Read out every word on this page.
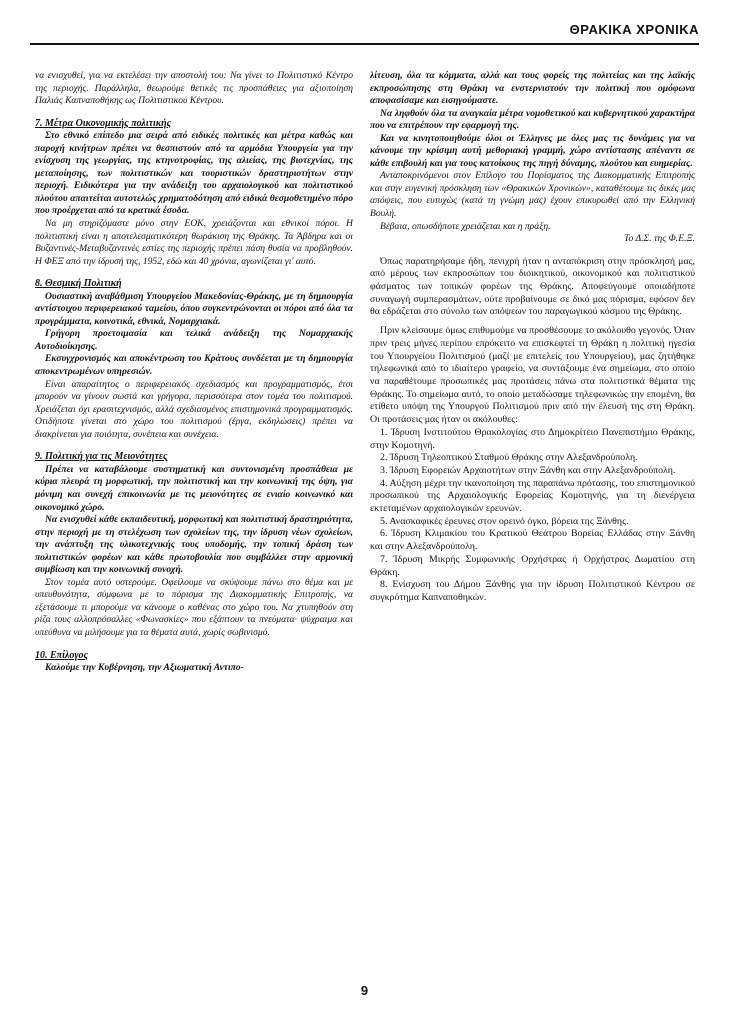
ΘΡΑΚΙΚΑ ΧΡΟΝΙΚΑ

να ενισχυθεί, για να εκτελέσει την αποστολή του: Να γίνει το Πολιτιστικό Κέντρο της περιοχής. Παράλληλα, θεωρούμε θετικές τις προσπάθειες για αξιοποίηση Παλιάς Καπναποθήκης ως Πολιτιστικού Κέντρου.

7. Μέτρα Οικονομικής πολιτικής

Στο εθνικό επίπεδο μια σειρά από ειδικές πολιτικές και μέτρα καθώς και παροχή κινήτρων πρέπει να θεσπιστούν από τα αρμόδια Υπουργεία για την ενίσχυση της γεωργίας, της κτηνοτροφίας, της αλιείας, της βιοτεχνίας, της μεταποίησης, των πολιτιστικών και τουριστικών δραστηριοτήτων στην περιοχή. Ειδικότερα για την ανάδειξη του αρχαιολογικού και πολιτιστικού πλούτου απαιτείται αυτοτελώς χρηματοδότηση από ειδικά θεσμοθετημένο πόρο που προέρχεται από τα κρατικά έσοδα.

Να μη στηριζόμαστε μόνο στην ΕΟΚ, χρειάζονται και εθνικοί πόροι. Η πολιτιστική είναι η αποτελεσματικότερη θωράκιση της Θράκης. Τα Άβδηρα και οι Βυζαντινές-Μεταβυζαντινές εστίες της περιοχής πρέπει πάση θυσία να προβληθούν. Η ΦΕΞ από την ίδρυσή της, 1952, εδώ και 40 χρόνια, αγωνίζεται γι' αυτό.

8. Θεσμική Πολιτική

Ουσιαστική αναβάθμιση Υπουργείου Μακεδονίας-Θράκης, με τη δημιουργία αντίστοιχου περιφερειακού ταμείου, όπου συγκεντρώνονται οι πόροι από όλα τα προγράμματα, κοινοτικά, εθνικά, Νομαρχιακά.

Γρήγορη προετοιμασία και τελικά ανάδειξη της Νομαρχιακής Αυτοδιοίκησης.

Εκσυγχρονισμός και αποκέντρωση του Κράτους συνδέεται με τη δημιουργία αποκεντρωμένων υπηρεσιών.

Είναι απαραίτητος ο περιφερειακός σχεδιασμός και προγραμματισμός, έτσι μπορούν να γίνουν σωστά και γρήγορα, περισσότερα στον τομέα του πολιτισμού. Χρειάζεται όχι ερασιτεχνισμός, αλλά σχεδιασμένος επιστημονικά προγραμματισμός. Οτιδήποτε γίνεται στο χώρο του πολιτισμού (έργα, εκδηλώσεις) πρέπει να διακρίνεται για ποιότητα, συνέπεια και συνέχεια.

9. Πολιτική για τις Μειονότητες

Πρέπει να καταβάλουμε συστηματική και συντονισμένη προσπάθεια με κύρια πλευρά τη μορφωτική, την πολιτιστική και την κοινωνική της όψη, για μόνιμη και συνεχή επικοινωνία με τις μειονότητες σε ενιαίο κοινωνικό και οικονομικό χώρο.

Να ενισχυθεί κάθε εκπαιδευτική, μορφωτική και πολιτιστική δραστηριότητα, στην περιοχή με τη στελέχωση των σχολείων της, την ίδρυση νέων σχολείων, την ανάπτυξη της υλικοτεχνικής τους υποδομής, την τοπική δράση των πολιτιστικών φορέων και κάθε πρωτοβουλία που συμβάλλει στην αρμονική συμβίωση και την κοινωνική συνοχή.

Στον τομέα αυτό υστερούμε. Οφείλουμε να σκύψουμε πάνω στο θέμα και με υπευθυνότητα, σύμφωνα με το πόρισμα της Διακομματικής Επιτροπής, να εξετάσουμε τι μπορούμε να κάνουμε ο καθένας στο χώρο του. Να χτυπηθούν στη ρίζα τους αλλοπρόσαλλες «Φωνασκίες» που εξάπτουν τα πνεύματα· ψύχραιμα και υπεύθυνα να μιλήσουμε για τα θέματα αυτά, χωρίς σωβινισμό.

10. Επίλογος

Καλούμε την Κυβέρνηση, την Αξιωματική Αντιπο-

λίτευση, όλα τα κόμματα, αλλά και τους φορείς της πολιτείας και της λαϊκής εκπροσώπησης στη Θράκη να ενστερνιστούν την πολιτική που ομόφωνα αποφασίσαμε και εισηγούμαστε.

Να ληφθούν όλα τα αναγκαία μέτρα νομοθετικού και κυβερνητικού χαρακτήρα που να επιτρέπουν την εφαρμογή της.

Και να κινητοποιηθούμε όλοι οι Έλληνες με όλες μας τις δυνάμεις για να κάνουμε την κρίσιμη αυτή μεθοριακή γραμμή, χώρο αντίστασης απέναντι σε κάθε επιβουλή και για τους κατοίκους της πηγή δύναμης, πλούτου και ευημερίας.

Ανταποκρινόμενοι στον Επίλογο του Πορίσματος της Διακομματικής Επιτροπής και στην ευγενική πρόσκληση των «Θρακικών Χρονικών», καταθέτουμε τις δικές μας απόψεις, που ευτυχώς (κατά τη γνώμη μας) έχουν επικυρωθεί από την Ελληνική Βουλή.

Βέβαια, οπωσδήποτε χρειάζεται και η πράξη.

Το Δ.Σ. της Φ.Ε.Ξ.

Όπως παρατηρήσαμε ήδη, πενιχρή ήταν η ανταπόκριση στην πρόσκλησή μας, από μέρους των εκπροσώπων του διοικητικού, οικονομικού και πολιτιστικού φάσματος των τοπικών φορέων της Θράκης. Αποφεύγουμε οποιαδήποτε συναγωγή συμπερασμάτων, ούτε προβαίνουμε σε δικό μας πόρισμα, εφόσον δεν θα εδράζεται στο σύνολο των απόψεων του παραγωγικού κόσμου της Θράκης.

Πριν κλείσουμε όμως επιθυμούμε να προσθέσουμε το ακόλουθο γεγονός. Όταν πριν τρεις μήνες περίπου επρόκειτο να επισκεφτεί τη Θράκη η πολιτική ηγεσία του Υπουργείου Πολιτισμού (μαζί με επιτελείς του Υπουργείου), μας ζητήθηκε τηλεφωνικά από το ιδιαίτερο γραφείο, να συντάξουμε ένα σημείωμα, στο οποίο να παραθέτουμε προσωπικές μας προτάσεις πάνω στα πολιτιστικά θέματα της Θράκης. Το σημείωμα αυτό, το οποίο μεταδώσαμε τηλεφωνικώς την επομένη, θα ετίθετο υπόψη της Υπουργού Πολιτισμού πριν από την έλευσή της στη Θράκη. Οι προτάσεις μας ήταν οι ακόλουθες:

1. Ίδρυση Ινστιτούτου Θρακολογίας στο Δημοκρίτειο Πανεπιστήμιο Θράκης, στην Κομοτηνή.

2. Ίδρυση Τηλεοπτικού Σταθμού Θράκης στην Αλεξανδρούπολη.

3. Ίδρυση Εφορειών Αρχαιοτήτων στην Ξάνθη και στην Αλεξανδρούπολη.

4. Αύξηση μέχρι την ικανοποίηση της παραπάνω πρότασης, του επιστημονικού προσωπικού της Αρχαιολογικής Εφορείας Κομοτηνής, για τη διενέργεια εκτεταμένων αρχαιολογικών ερευνών.

5. Ανασκαφικές έρευνες στον ορεινό όγκο, βόρεια της Ξάνθης.

6. Ίδρυση Κλιμακίου του Κρατικού Θεάτρου Βορείας Ελλάδας στην Ξάνθη και στην Αλεξανδρούπολη.

7. Ίδρυση Μικρής Συμφωνικής Ορχήστρας ή Ορχήστρας Δωματίου στη Θράκη.

8. Ενίσχυση του Δήμου Ξάνθης για την ίδρυση Πολιτιστικού Κέντρου σε συγκρότημα Καπναποθηκών.

9
